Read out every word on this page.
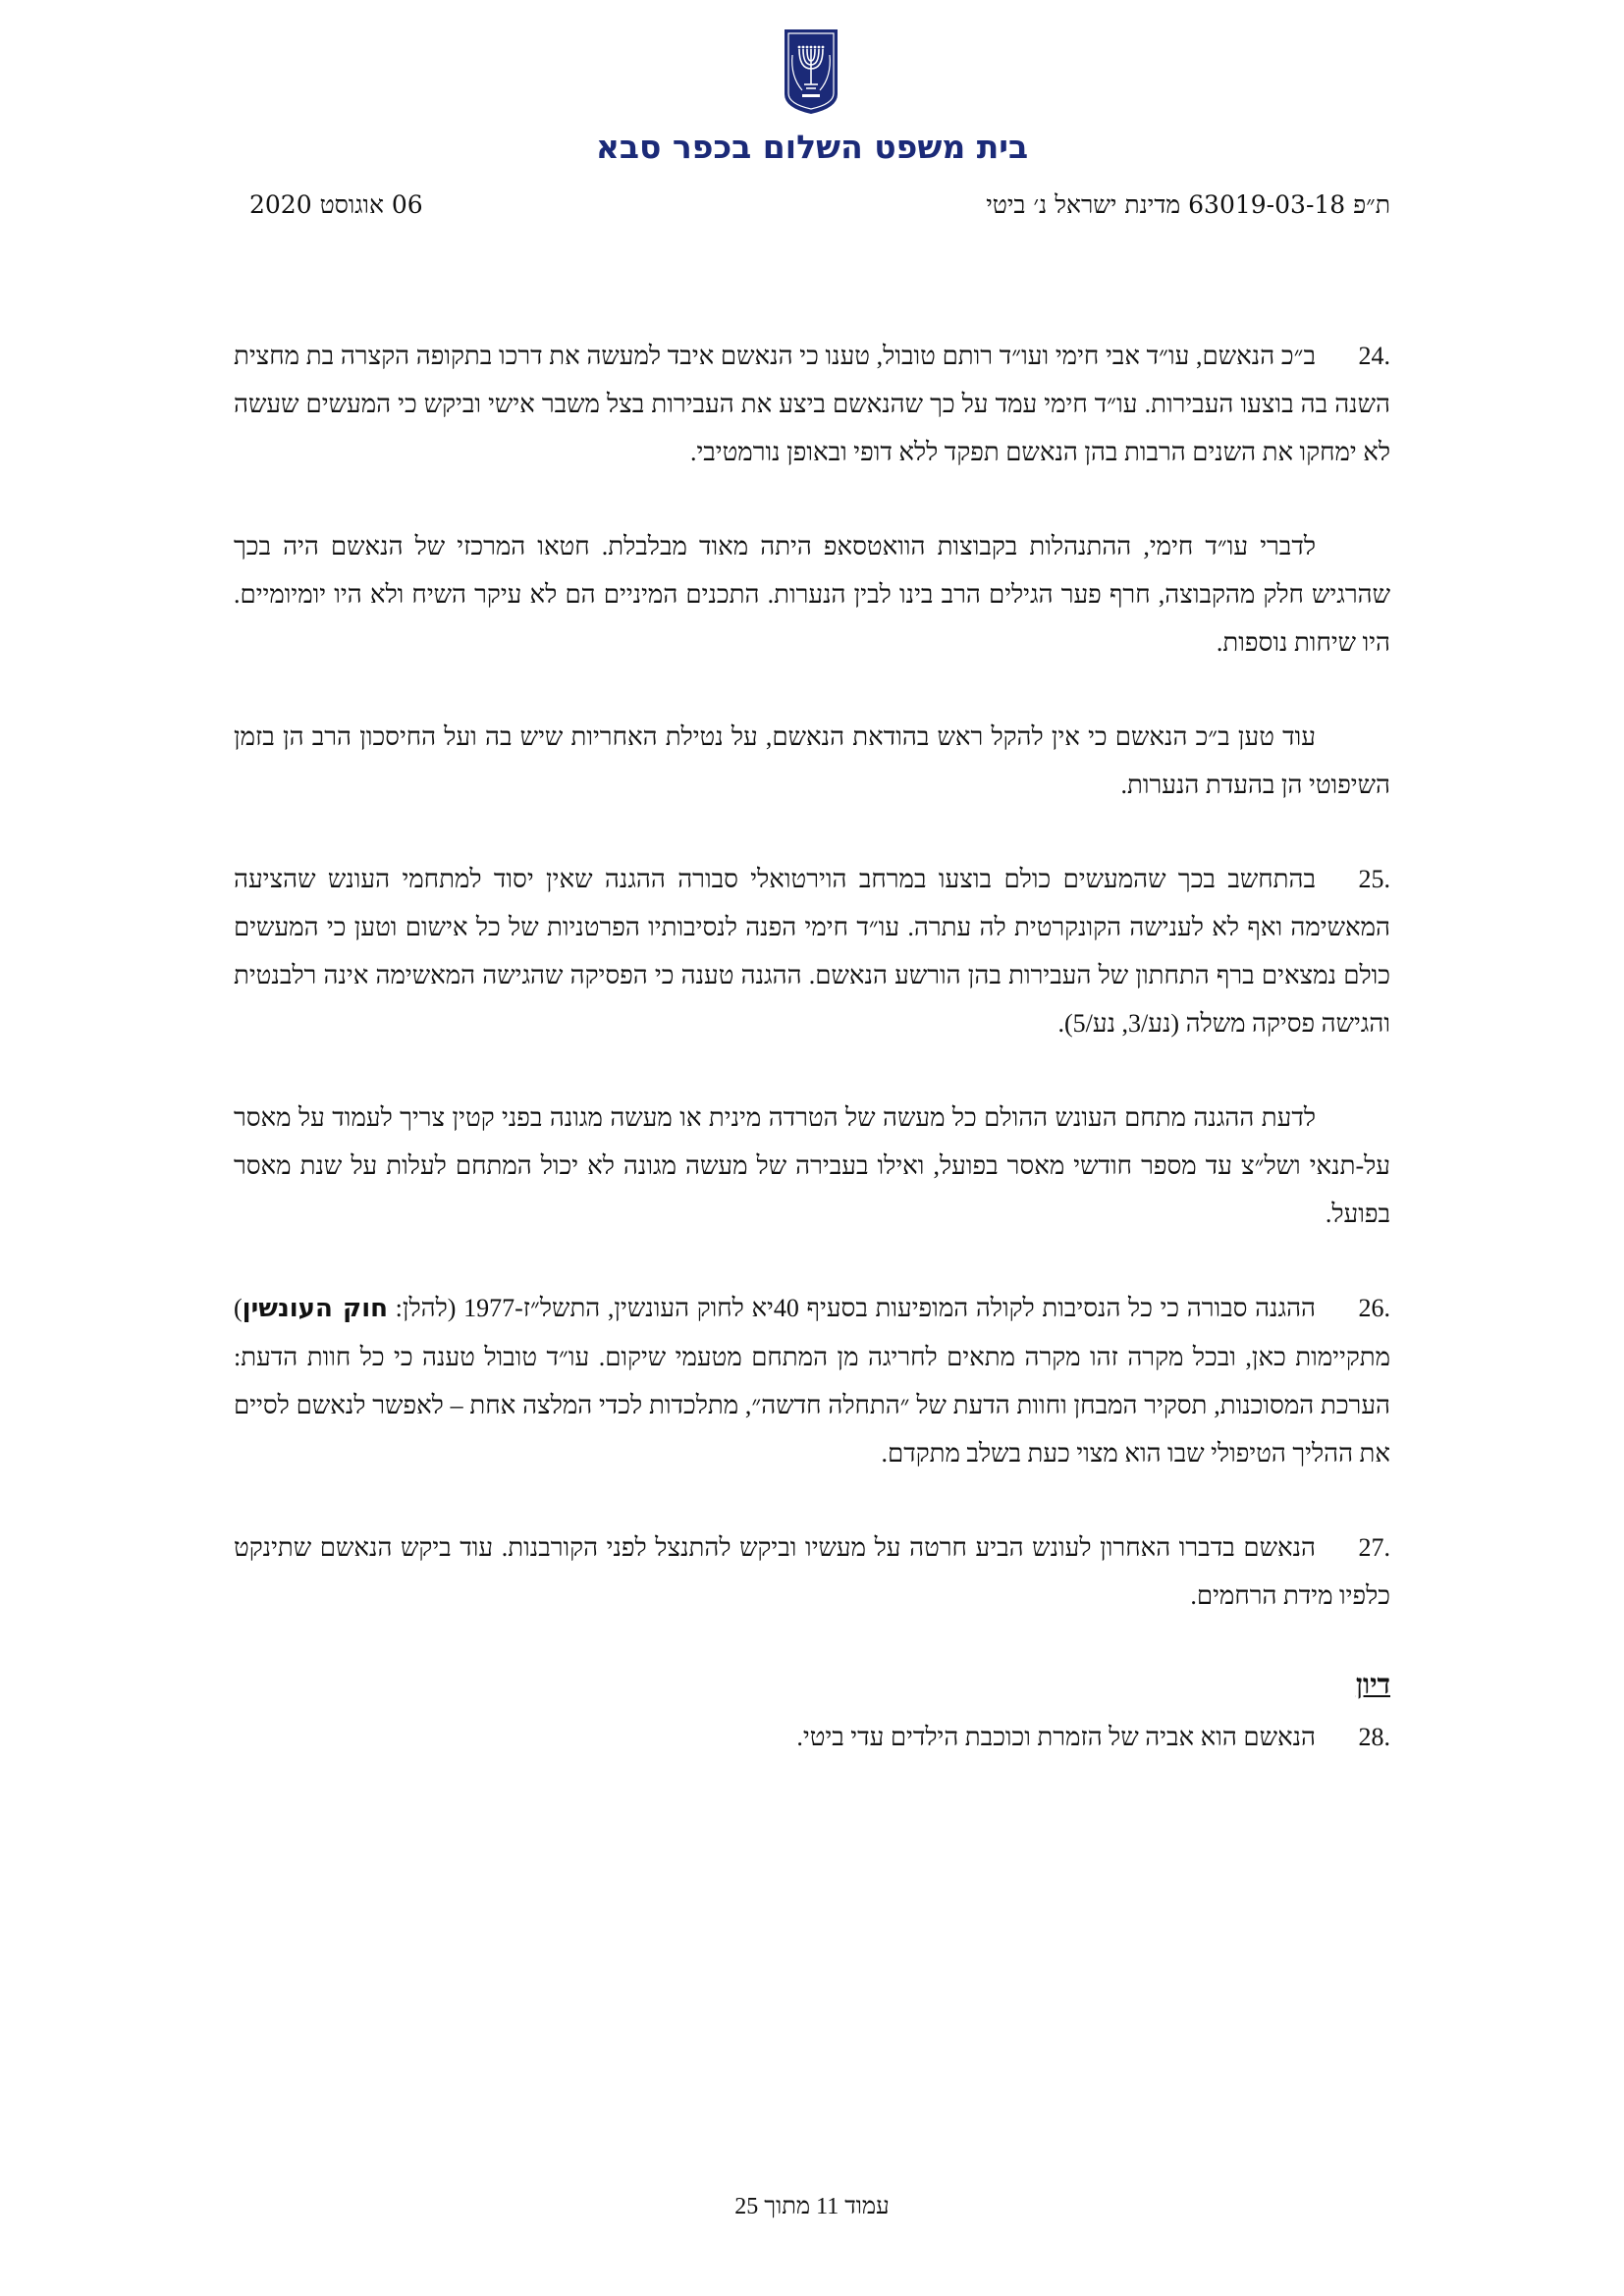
בית משפט השלום בכפר סבא
ת״פ 63019-03-18 מדינת ישראל נ׳ ביטי
06 אוגוסט 2020

24.ב״כ הנאשם, עו״ד אבי חימי ועו״ד רותם טובול, טענו כי הנאשם איבד למעשה את דרכו בתקופה הקצרה בת מחצית השנה בה בוצעו העבירות. עו״ד חימי עמד על כך שהנאשם ביצע את העבירות בצל משבר אישי וביקש כי המעשים שעשה לא ימחקו את השנים הרבות בהן הנאשם תפקד ללא דופי ובאופן נורמטיבי.

לדברי עו״ד חימי, ההתנהלות בקבוצות הוואטסאפ היתה מאוד מבלבלת. חטאו המרכזי של הנאשם היה בכך שהרגיש חלק מהקבוצה, חרף פער הגילים הרב בינו לבין הנערות. התכנים המיניים הם לא עיקר השיח ולא היו יומיומיים. היו שיחות נוספות.

עוד טען ב״כ הנאשם כי אין להקל ראש בהודאת הנאשם, על נטילת האחריות שיש בה ועל החיסכון הרב הן בזמן השיפוטי הן בהעדת הנערות.

25.בהתחשב בכך שהמעשים כולם בוצעו במרחב הוירטואלי סבורה ההגנה שאין יסוד למתחמי העונש שהציעה המאשימה ואף לא לענישה הקונקרטית לה עתרה. עו״ד חימי הפנה לנסיבותיו הפרטניות של כל אישום וטען כי המעשים כולם נמצאים ברף התחתון של העבירות בהן הורשע הנאשם. ההגנה טענה כי הפסיקה שהגישה המאשימה אינה רלבנטית והגישה פסיקה משלה (נע/3, נע/5).

לדעת ההגנה מתחם העונש ההולם כל מעשה של הטרדה מינית או מעשה מגונה בפני קטין צריך לעמוד על מאסר על-תנאי ושל״צ עד מספר חודשי מאסר בפועל, ואילו בעבירה של מעשה מגונה לא יכול המתחם לעלות על שנת מאסר בפועל.

26.ההגנה סבורה כי כל הנסיבות לקולה המופיעות בסעיף 40יא לחוק העונשין, התשל״ז-1977 (להלן: חוק העונשין) מתקיימות כאן, ובכל מקרה זהו מקרה מתאים לחריגה מן המתחם מטעמי שיקום. עו״ד טובול טענה כי כל חוות הדעת: הערכת המסוכנות, תסקיר המבחן וחוות הדעת של ״התחלה חדשה״, מתלכדות לכדי המלצה אחת – לאפשר לנאשם לסיים את ההליך הטיפולי שבו הוא מצוי כעת בשלב מתקדם.

27.הנאשם בדברו האחרון לעונש הביע חרטה על מעשיו וביקש להתנצל לפני הקורבנות. עוד ביקש הנאשם שתינקט כלפיו מידת הרחמים.

דיון

28.הנאשם הוא אביה של הזמרת וכוכבת הילדים עדי ביטי.

עמוד 11 מתוך 25
